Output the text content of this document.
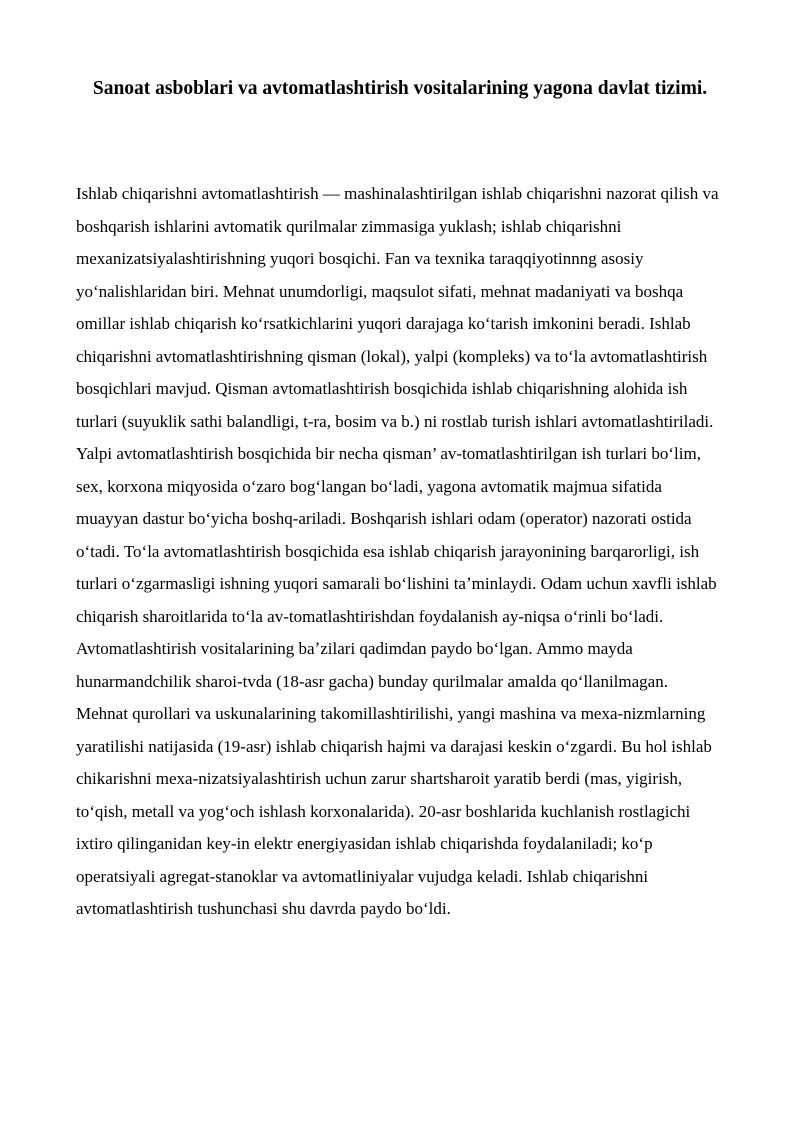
Sanoat asboblari va avtomatlashtirish vositalarining yagona davlat tizimi.

Ishlab chiqarishni avtomatlashtirish — mashinalashtirilgan ishlab chiqarishni nazorat qilish va boshqarish ishlarini avtomatik qurilmalar zimmasiga yuklash; ishlab chiqarishni mexanizatsiyalashtirishning yuqori bosqichi. Fan va texnika taraqqiyotinnng asosiy yoʻnalishlaridan biri. Mehnat unumdorligi, maqsulot sifati, mehnat madaniyati va boshqa omillar ishlab chiqarish koʻrsatkichlarini yuqori darajaga koʻtarish imkonini beradi. Ishlab chiqarishni avtomatlashtirishning qisman (lokal), yalpi (kompleks) va toʻla avtomatlashtirish bosqichlari mavjud. Qisman avtomatlashtirish bosqichida ishlab chiqarishning alohida ish turlari (suyuklik sathi balandligi, t-ra, bosim va b.) ni rostlab turish ishlari avtomatlashtiriladi. Yalpi avtomatlashtirish bosqichida bir necha qisman’ av-tomatlashtirilgan ish turlari boʻlim, sex, korxona miqyosida oʻzaro bogʻlangan boʻladi, yagona avtomatik majmua sifatida muayyan dastur boʻyicha boshq-ariladi. Boshqarish ishlari odam (operator) nazorati ostida oʻtadi. Toʻla avtomatlashtirish bosqichida esa ishlab chiqarish jarayonining barqarorligi, ish turlari oʻzgarmasligi ishning yuqori samarali boʻlishini taʼminlaydi. Odam uchun xavfli ishlab chiqarish sharoitlarida toʻla av-tomatlashtirishdan foydalanish ay-niqsa oʻrinli boʻladi.

Avtomatlashtirish vositalarining baʼzilari qadimdan paydo boʻlgan. Ammo mayda hunarmandchilik sharoi-tvda (18-asr gacha) bunday qurilmalar amalda qoʻllanilmagan. Mehnat qurollari va uskunalarining takomillashtirilishi, yangi mashina va mexa-nizmlarning yaratilishi natijasida (19-asr) ishlab chiqarish hajmi va darajasi keskin oʻzgardi. Bu hol ishlab chikarishni mexa-nizatsiyalashtirish uchun zarur shartsharoit yaratib berdi (mas, yigirish, toʻqish, metall va yogʻoch ishlash korxonalarida). 20-asr boshlarida kuchlanish rostlagichi ixtiro qilinganidan key-in elektr energiyasidan ishlab chiqarishda foydalaniladi; koʻp operatsiyali agregat-stanoklar va avtomatliniyalar vujudga keladi. Ishlab chiqarishni avtomatlashtirish tushunchasi shu davrda paydo boʻldi.
